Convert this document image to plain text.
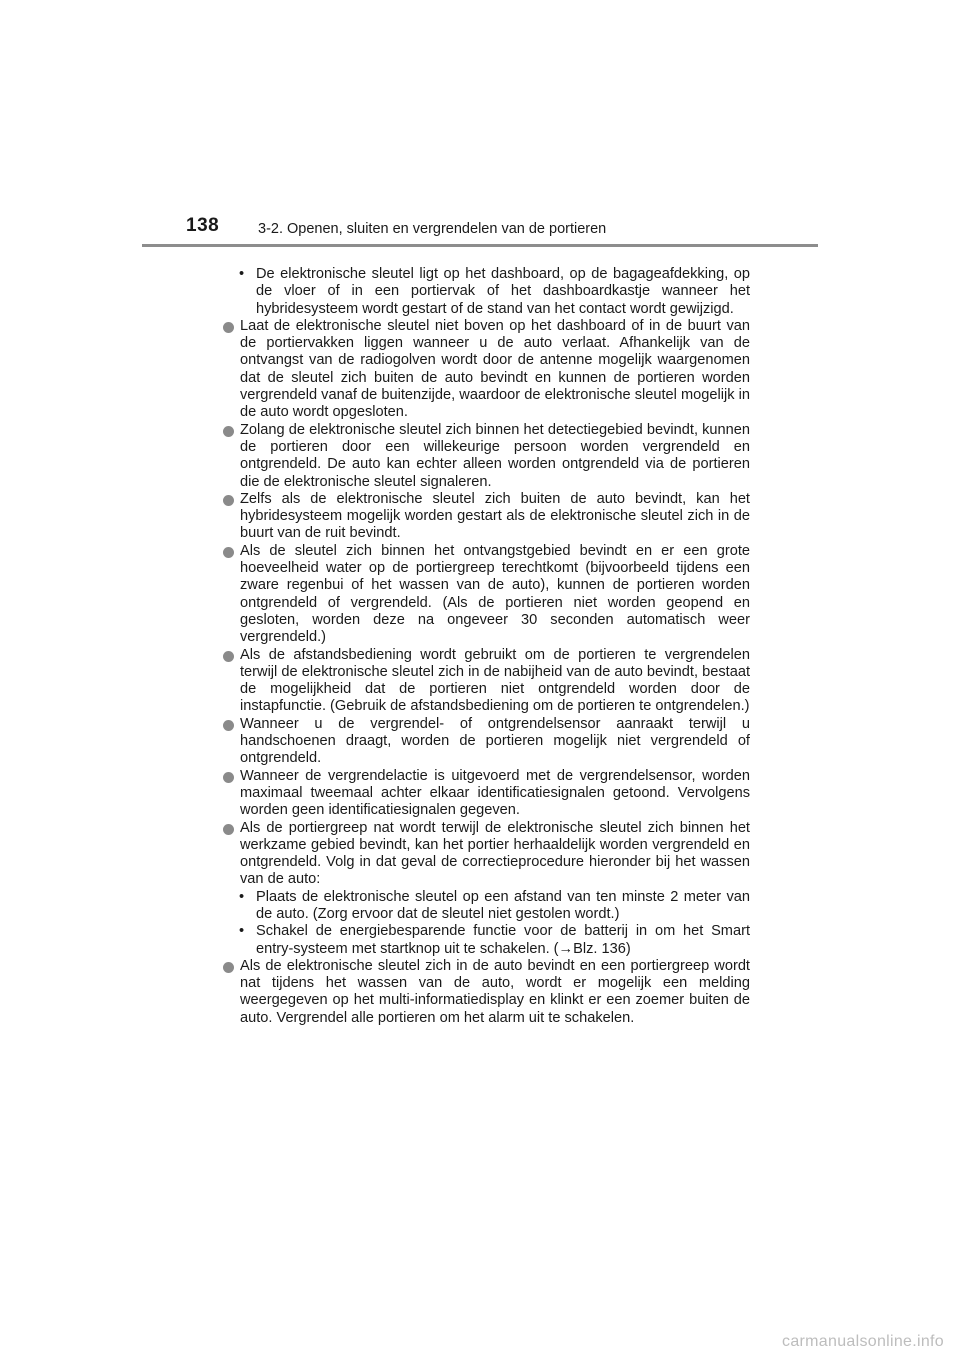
138	3-2. Openen, sluiten en vergrendelen van de portieren
• De elektronische sleutel ligt op het dashboard, op de bagageafdekking, op de vloer of in een portiervak of het dashboardkastje wanneer het hybridesysteem wordt gestart of de stand van het contact wordt gewijzigd.
Laat de elektronische sleutel niet boven op het dashboard of in de buurt van de portiervakken liggen wanneer u de auto verlaat. Afhankelijk van de ontvangst van de radiogolven wordt door de antenne mogelijk waargenomen dat de sleutel zich buiten de auto bevindt en kunnen de portieren worden vergrendeld vanaf de buitenzijde, waardoor de elektronische sleutel mogelijk in de auto wordt opgesloten.
Zolang de elektronische sleutel zich binnen het detectiegebied bevindt, kunnen de portieren door een willekeurige persoon worden vergrendeld en ontgrendeld. De auto kan echter alleen worden ontgrendeld via de portieren die de elektronische sleutel signaleren.
Zelfs als de elektronische sleutel zich buiten de auto bevindt, kan het hybridesysteem mogelijk worden gestart als de elektronische sleutel zich in de buurt van de ruit bevindt.
Als de sleutel zich binnen het ontvangstgebied bevindt en er een grote hoeveelheid water op de portiergreep terechtkomt (bijvoorbeeld tijdens een zware regenbui of het wassen van de auto), kunnen de portieren worden ontgrendeld of vergrendeld. (Als de portieren niet worden geopend en gesloten, worden deze na ongeveer 30 seconden automatisch weer vergrendeld.)
Als de afstandsbediening wordt gebruikt om de portieren te vergrendelen terwijl de elektronische sleutel zich in de nabijheid van de auto bevindt, bestaat de mogelijkheid dat de portieren niet ontgrendeld worden door de instapfunctie. (Gebruik de afstandsbediening om de portieren te ontgrendelen.)
Wanneer u de vergrendel- of ontgrendelsensor aanraakt terwijl u handschoenen draagt, worden de portieren mogelijk niet vergrendeld of ontgrendeld.
Wanneer de vergrendelactie is uitgevoerd met de vergrendelsensor, worden maximaal tweemaal achter elkaar identificatiesignalen getoond. Vervolgens worden geen identificatiesignalen gegeven.
Als de portiergreep nat wordt terwijl de elektronische sleutel zich binnen het werkzame gebied bevindt, kan het portier herhaaldelijk worden vergrendeld en ontgrendeld. Volg in dat geval de correctieprocedure hieronder bij het wassen van de auto:
• Plaats de elektronische sleutel op een afstand van ten minste 2 meter van de auto. (Zorg ervoor dat de sleutel niet gestolen wordt.)
• Schakel de energiebesparende functie voor de batterij in om het Smart entry-systeem met startknop uit te schakelen. (→Blz. 136)
Als de elektronische sleutel zich in de auto bevindt en een portiergreep wordt nat tijdens het wassen van de auto, wordt er mogelijk een melding weergegeven op het multi-informatiedisplay en klinkt er een zoemer buiten de auto. Vergrendel alle portieren om het alarm uit te schakelen.
carmanualsonline.info
